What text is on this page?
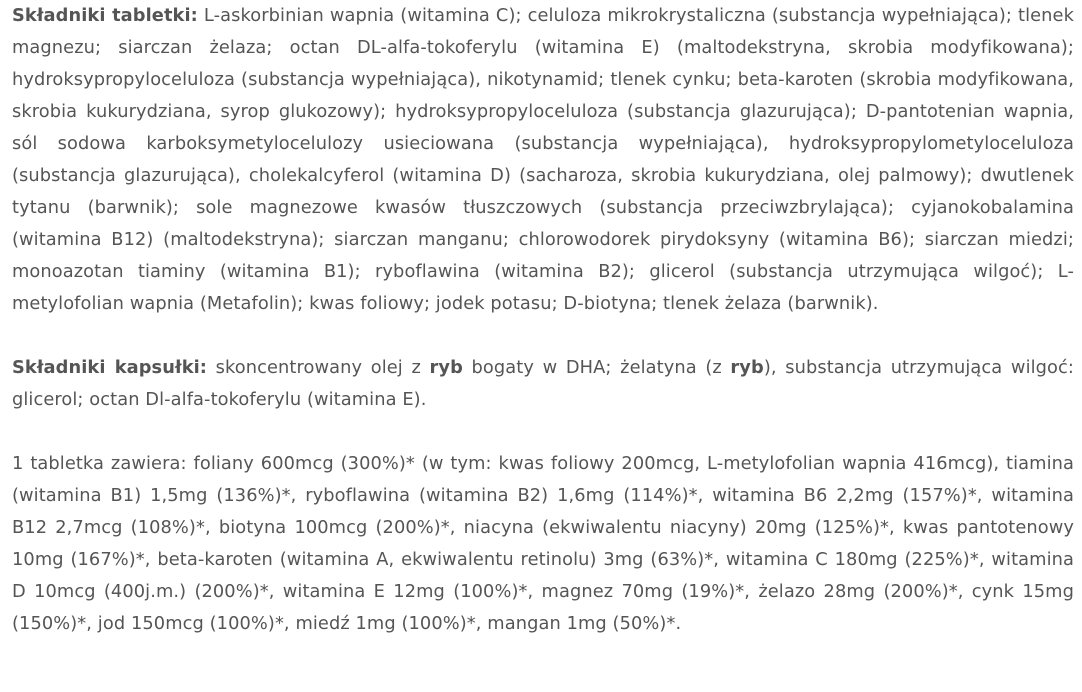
Składniki tabletki: L-askorbinian wapnia (witamina C); celuloza mikrokrystaliczna (substancja wypełniająca); tlenek magnezu; siarczan żelaza; octan DL-alfa-tokoferylu (witamina E) (maltodekstryna, skrobia modyfikowana); hydroksypropyloceluloza (substancja wypełniająca), nikotynamid; tlenek cynku; beta-karoten (skrobia modyfikowana, skrobia kukurydziana, syrop glukozowy); hydroksypropyloceluloza (substancja glazurująca); D-pantotenian wapnia, sól sodowa karboksymetylocelulozy usieciowana (substancja wypełniająca), hydroksypropylometyloceluloza (substancja glazurująca), cholekalcyferol (witamina D) (sacharoza, skrobia kukurydziana, olej palmowy); dwutlenek tytanu (barwnik); sole magnezowe kwasów tłuszczowych (substancja przeciwzbrylająca); cyjanokobalamina (witamina B12) (maltodekstryna); siarczan manganu; chlorowodorek pirydoksyny (witamina B6); siarczan miedzi; monoazotan tiaminy (witamina B1); ryboflawina (witamina B2); glicerol (substancja utrzymująca wilgoć); L-metylofolian wapnia (Metafolin); kwas foliowy; jodek potasu; D-biotyna; tlenek żelaza (barwnik).

Składniki kapsułki: skoncentrowany olej z ryb bogaty w DHA; żelatyna (z ryb), substancja utrzymująca wilgoć: glicerol; octan Dl-alfa-tokoferylu (witamina E).

1 tabletka zawiera: foliany 600mcg (300%)* (w tym: kwas foliowy 200mcg, L-metylofolian wapnia 416mcg), tiamina (witamina B1) 1,5mg (136%)*, ryboflawina (witamina B2) 1,6mg (114%)*, witamina B6 2,2mg (157%)*, witamina B12 2,7mcg (108%)*, biotyna 100mcg (200%)*, niacyna (ekwiwalentu niacyny) 20mg (125%)*, kwas pantotenowy 10mg (167%)*, beta-karoten (witamina A, ekwiwalentu retinolu) 3mg (63%)*, witamina C 180mg (225%)*, witamina D 10mcg (400j.m.) (200%)*, witamina E 12mg (100%)*, magnez 70mg (19%)*, żelazo 28mg (200%)*, cynk 15mg (150%)*, jod 150mcg (100%)*, miedź 1mg (100%)*, mangan 1mg (50%)*.
